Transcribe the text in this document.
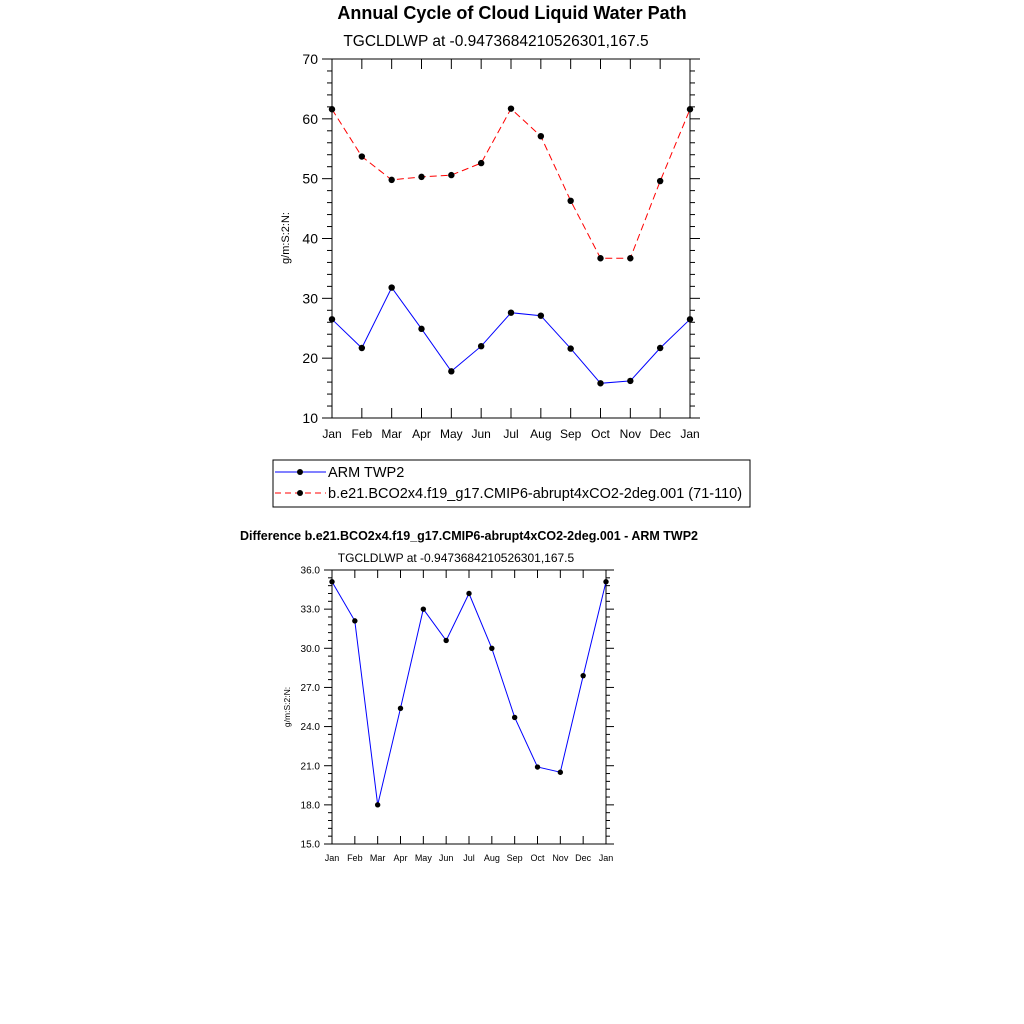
Annual Cycle of Cloud Liquid Water Path
TGCLDLWP at -0.9473684210526301,167.5
g/m:S:2:N:
Jan Feb Mar Apr May Jun Jul Aug Sep Oct Nov Dec Jan
10
20
30
40
50
60
70
ARM TWP2
b.e21.BCO2x4.f19_g17.CMIP6-abrupt4xCO2-2deg.001 (71-110)
Difference b.e21.BCO2x4.f19_g17.CMIP6-abrupt4xCO2-2deg.001 - ARM TWP2
TGCLDLWP at -0.9473684210526301,167.5
g/m:S:2:N:
Jan Feb Mar Apr May Jun Jul Aug Sep Oct Nov Dec Jan
15.0
18.0
21.0
24.0
27.0
30.0
33.0
36.0
